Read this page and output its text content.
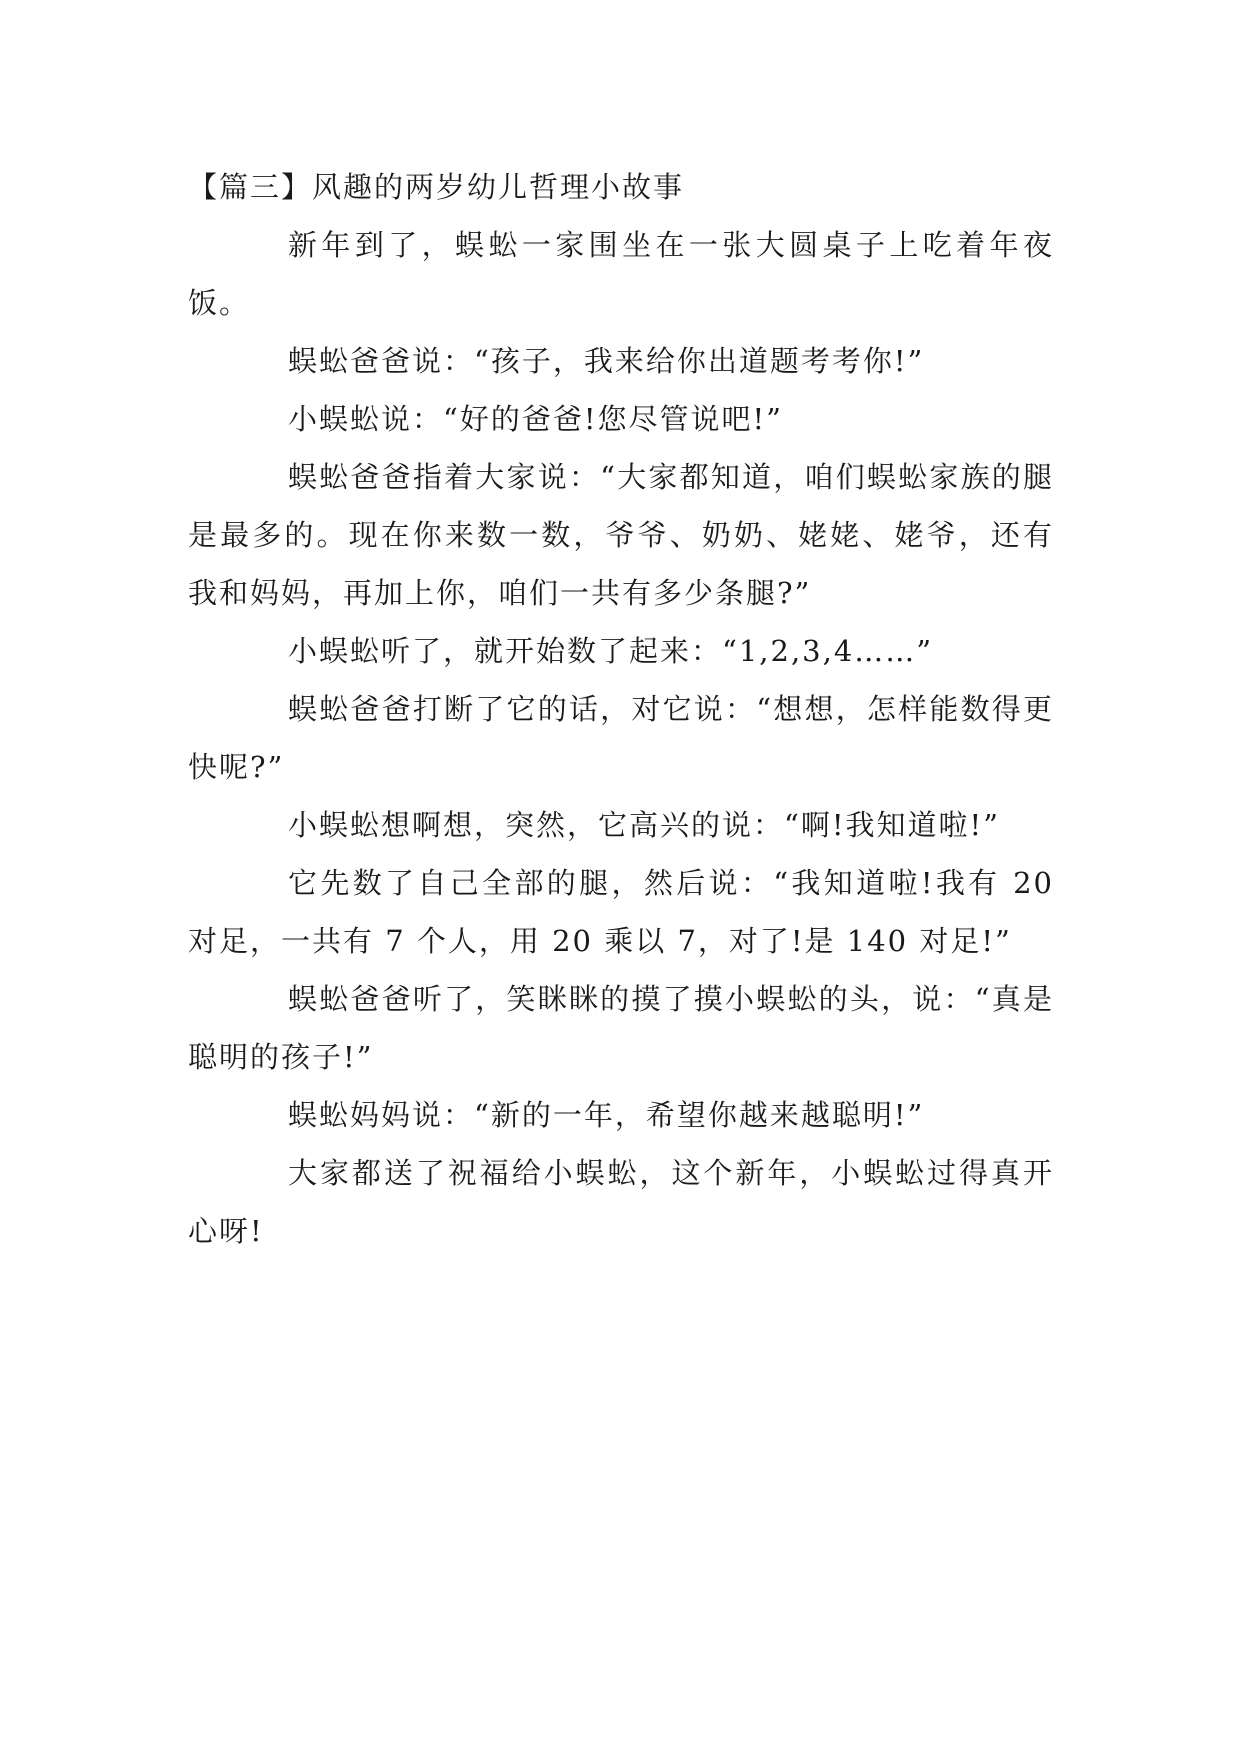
【篇三】风趣的两岁幼儿哲理小故事

新年到了，蜈蚣一家围坐在一张大圆桌子上吃着年夜饭。

蜈蚣爸爸说：“孩子，我来给你出道题考考你!”

小蜈蚣说：“好的爸爸!您尽管说吧!”

蜈蚣爸爸指着大家说：“大家都知道，咱们蜈蚣家族的腿是最多的。现在你来数一数，爷爷、奶奶、姥姥、姥爷，还有我和妈妈，再加上你，咱们一共有多少条腿?”

小蜈蚣听了，就开始数了起来：“1,2,3,4……”

蜈蚣爸爸打断了它的话，对它说：“想想，怎样能数得更快呢?”

小蜈蚣想啊想，突然，它高兴的说：“啊!我知道啦!”

它先数了自己全部的腿，然后说：“我知道啦!我有 20 对足，一共有 7 个人，用 20 乘以 7，对了!是 140 对足!”

蜈蚣爸爸听了，笑眯眯的摸了摸小蜈蚣的头，说：“真是聪明的孩子!”

蜈蚣妈妈说：“新的一年，希望你越来越聪明!”

大家都送了祝福给小蜈蚣，这个新年，小蜈蚣过得真开心呀!
